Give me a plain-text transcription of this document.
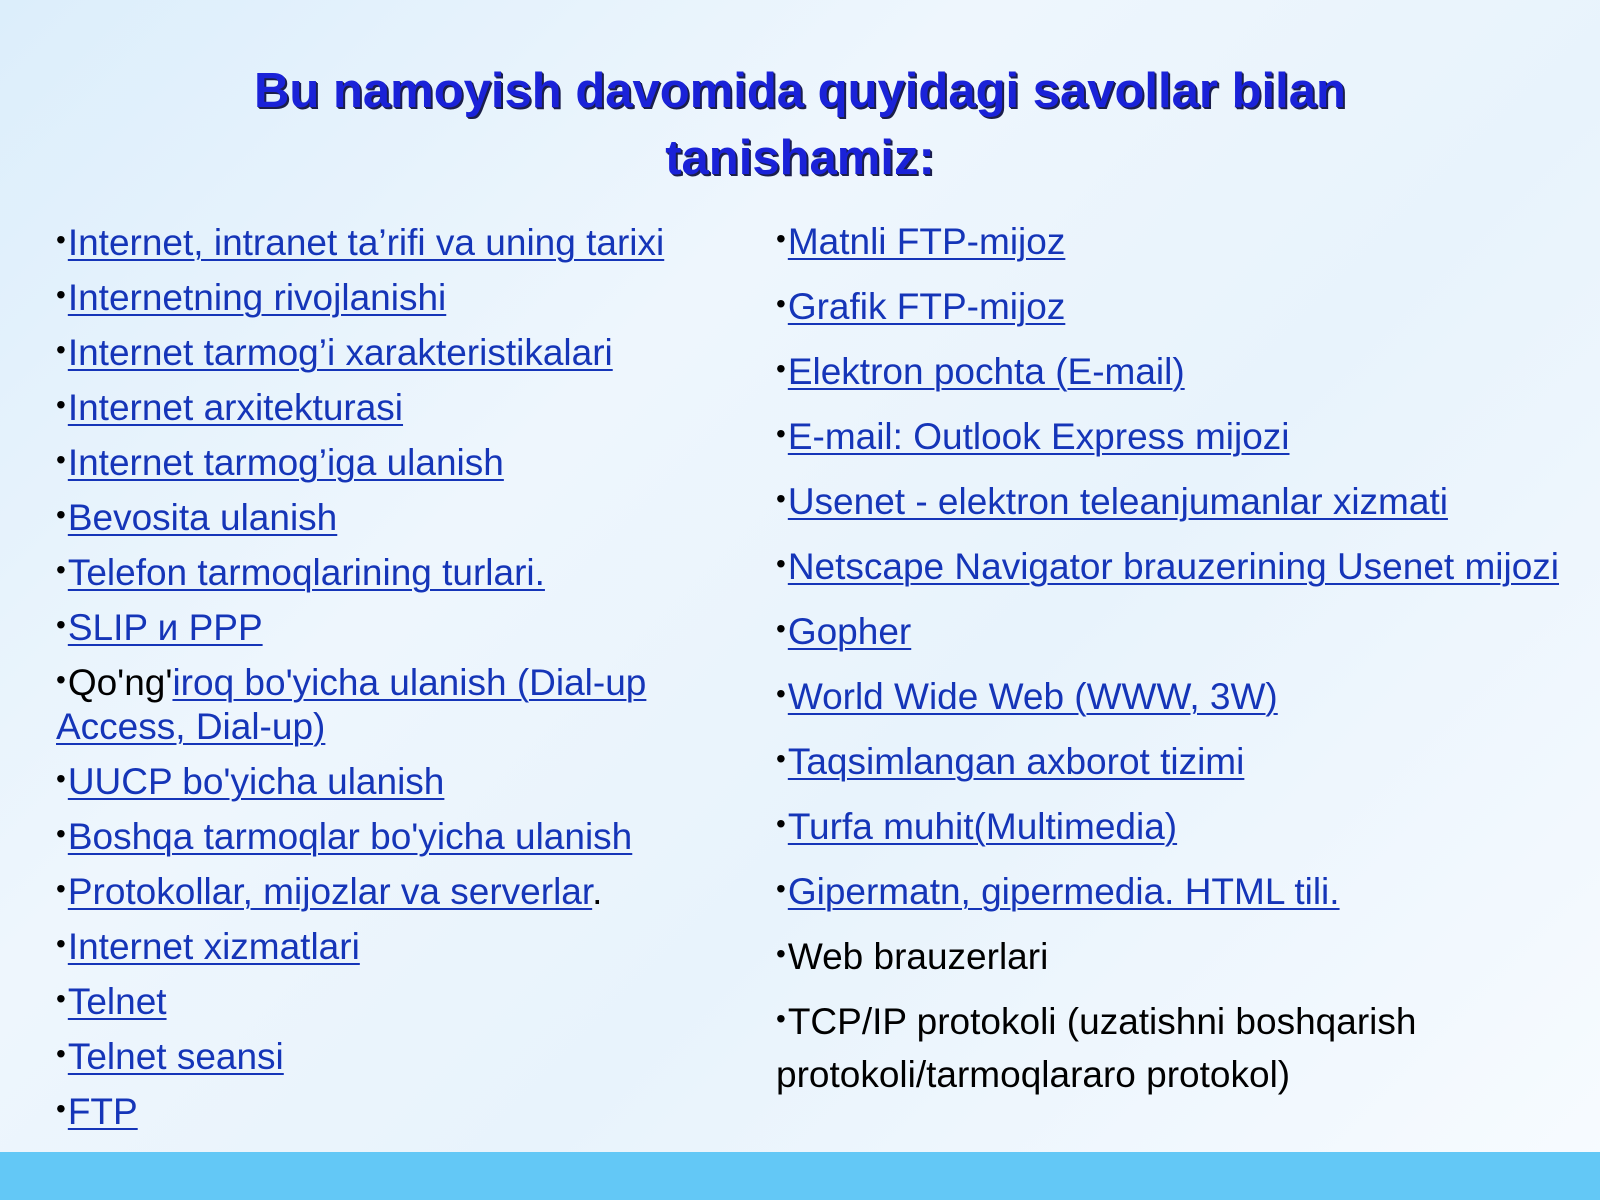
Bu namoyish davomida quyidagi savollar bilan
tanishamiz:
•Internet, intranet ta’rifi va uning tarixi
•Internetning rivojlanishi
•Internet tarmog’i xarakteristikalari
•Internet arxitekturasi
•Internet tarmog’iga ulanish
•Bevosita ulanish
•Telefon tarmoqlarining turlari.
•SLIP и PPP
•Qo'ng'iroq bo'yicha ulanish (Dial-up Access, Dial-up)
•UUCP bo'yicha ulanish
•Boshqa tarmoqlar bo'yicha ulanish
•Protokollar, mijozlar va serverlar.
•Internet xizmatlari
•Telnet
•Telnet seansi
•FTP
•Matnli FTP-mijoz
•Grafik FTP-mijoz
•Elektron pochta (E-mail)
•E-mail: Outlook Express mijozi
•Usenet - elektron teleanjumanlar xizmati
•Netscape Navigator brauzerining Usenet mijozi
•Gopher
•World Wide Web (WWW, 3W)
•Taqsimlangan axborot tizimi
•Turfa muhit(Multimedia)
•Gipermatn, gipermedia. HTML tili.
•Web brauzerlari
•TCP/IP protokoli (uzatishni boshqarish protokoli/tarmoqlararo protokol)
